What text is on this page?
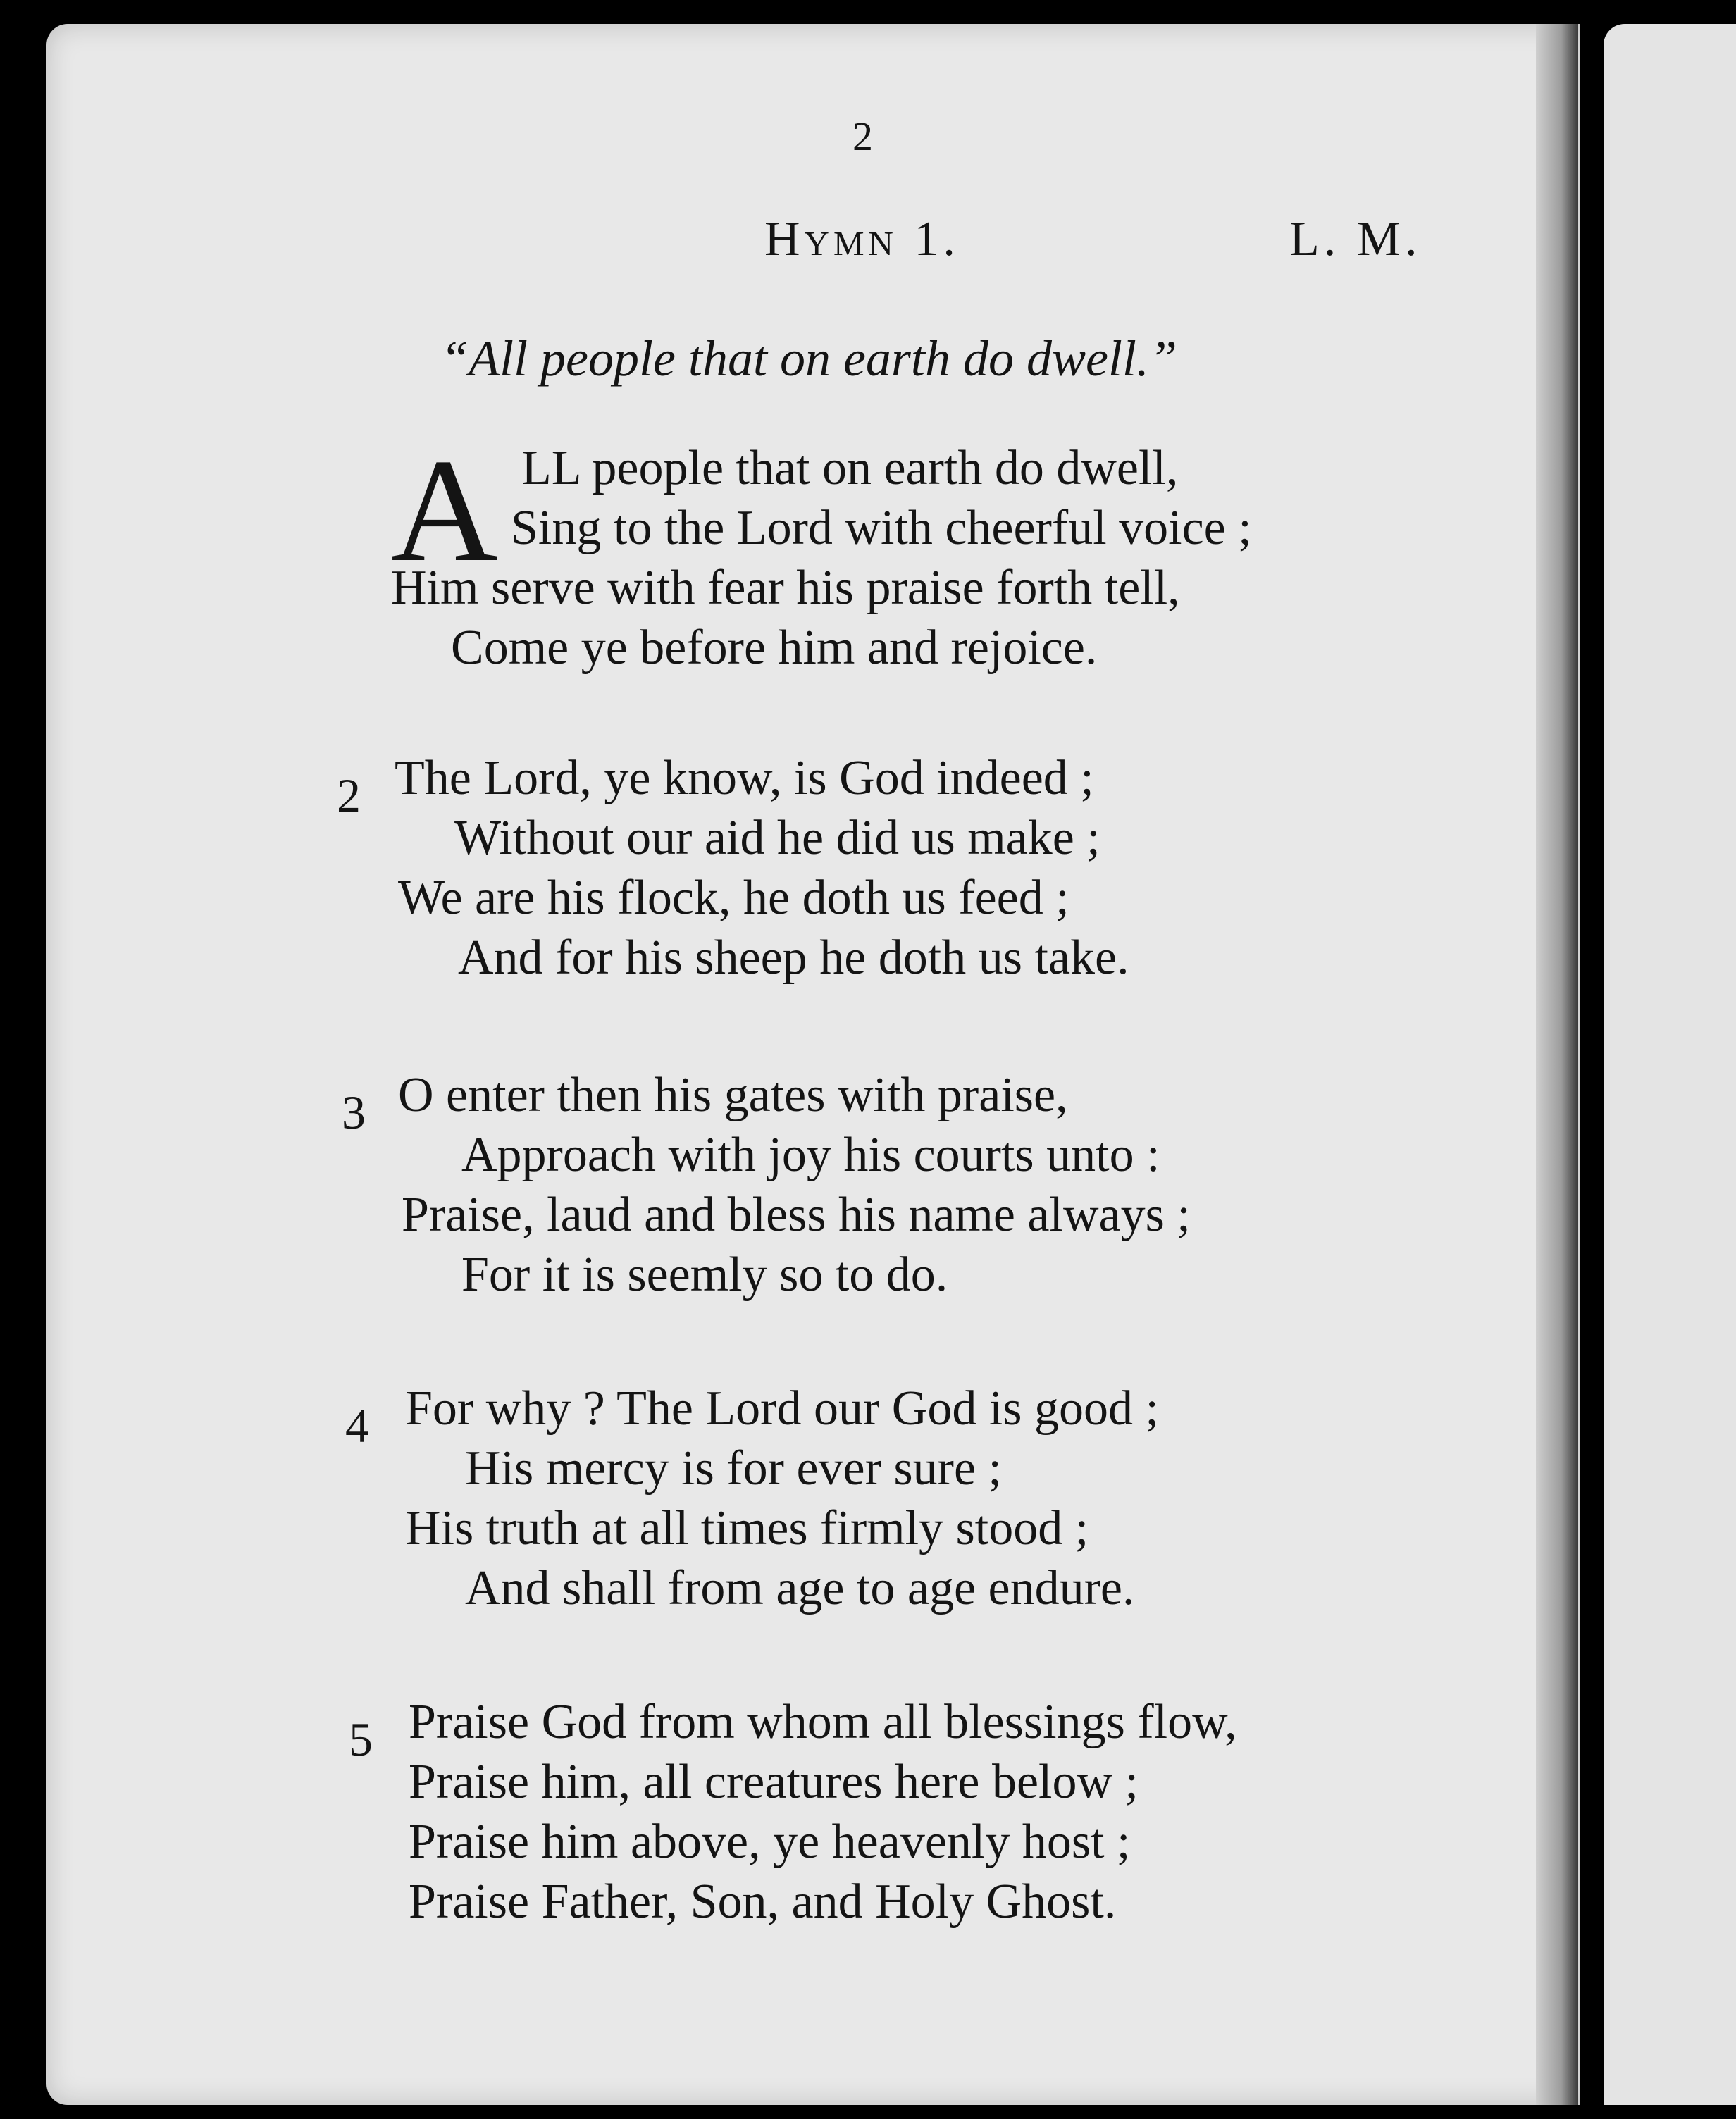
2
Hymn 1.	L. M.
“All people that on earth do dwell.”
A LL people that on earth do dwell,
Sing to the Lord with cheerful voice ;
Him serve with fear his praise forth tell,
Come ye before him and rejoice.
2 The Lord, ye know, is God indeed ;
Without our aid he did us make ;
We are his flock, he doth us feed ;
And for his sheep he doth us take.
3 O enter then his gates with praise,
Approach with joy his courts unto :
Praise, laud and bless his name always ;
For it is seemly so to do.
4 For why ? The Lord our God is good ;
His mercy is for ever sure ;
His truth at all times firmly stood ;
And shall from age to age endure.
5 Praise God from whom all blessings flow,
Praise him, all creatures here below ;
Praise him above, ye heavenly host ;
Praise Father, Son, and Holy Ghost.
